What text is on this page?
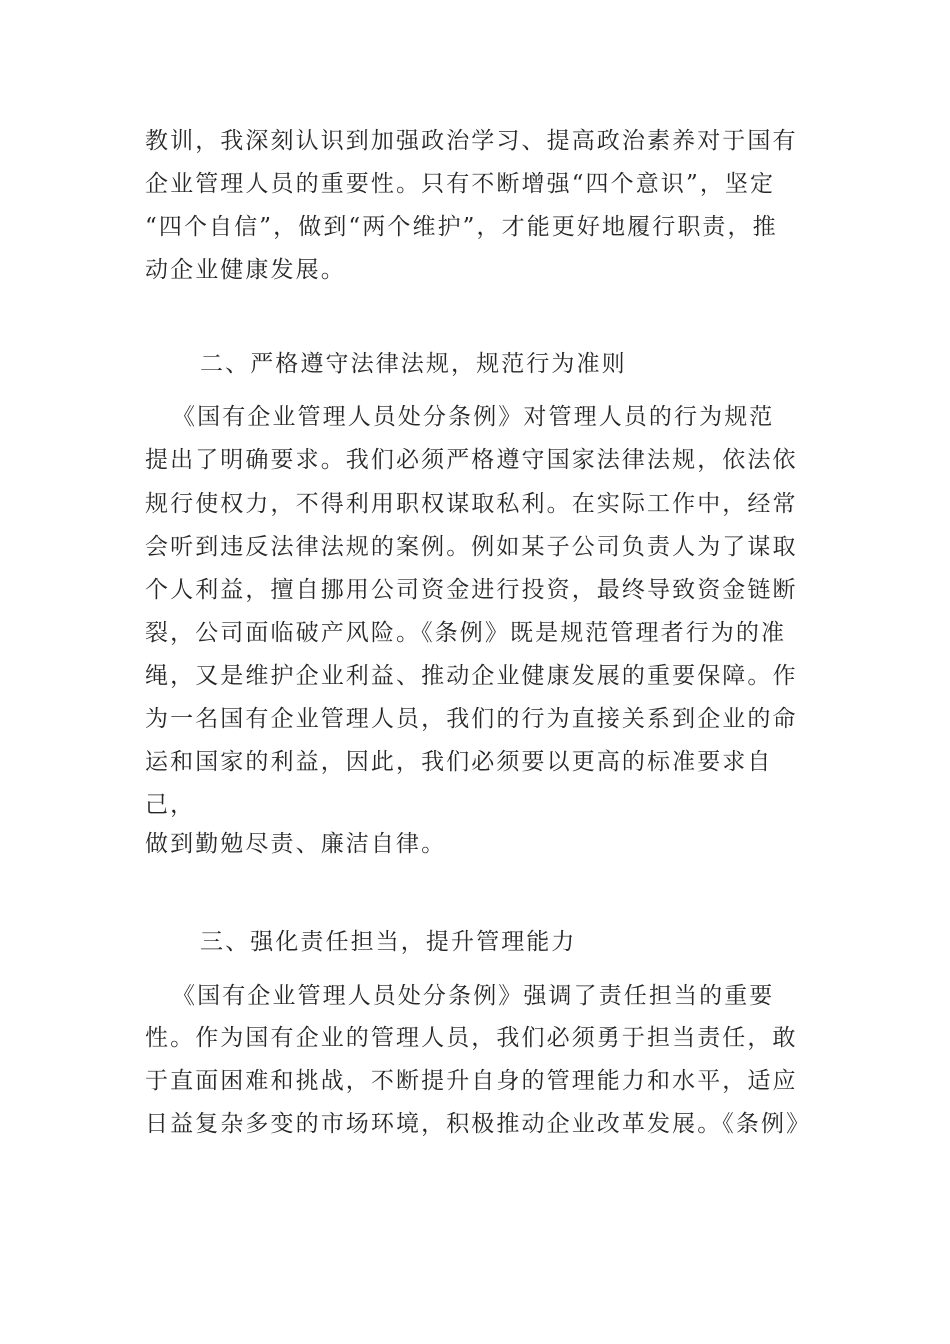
教训，我深刻认识到加强政治学习、提高政治素养对于国有
企业管理人员的重要性。只有不断增强“四个意识”，坚定
“四个自信”，做到“两个维护”，才能更好地履行职责，推
动企业健康发展。
二、严格遵守法律法规，规范行为准则
《国有企业管理人员处分条例》对管理人员的行为规范
提出了明确要求。我们必须严格遵守国家法律法规，依法依
规行使权力，不得利用职权谋取私利。在实际工作中，经常
会听到违反法律法规的案例。例如某子公司负责人为了谋取
个人利益，擅自挪用公司资金进行投资，最终导致资金链断
裂，公司面临破产风险。《条例》既是规范管理者行为的准
绳，又是维护企业利益、推动企业健康发展的重要保障。作
为一名国有企业管理人员，我们的行为直接关系到企业的命
运和国家的利益，因此，我们必须要以更高的标准要求自
己，
做到勤勉尽责、廉洁自律。
三、强化责任担当，提升管理能力
《国有企业管理人员处分条例》强调了责任担当的重要
性。作为国有企业的管理人员，我们必须勇于担当责任，敢
于直面困难和挑战，不断提升自身的管理能力和水平，适应
日益复杂多变的市场环境，积极推动企业改革发展。《条例》
